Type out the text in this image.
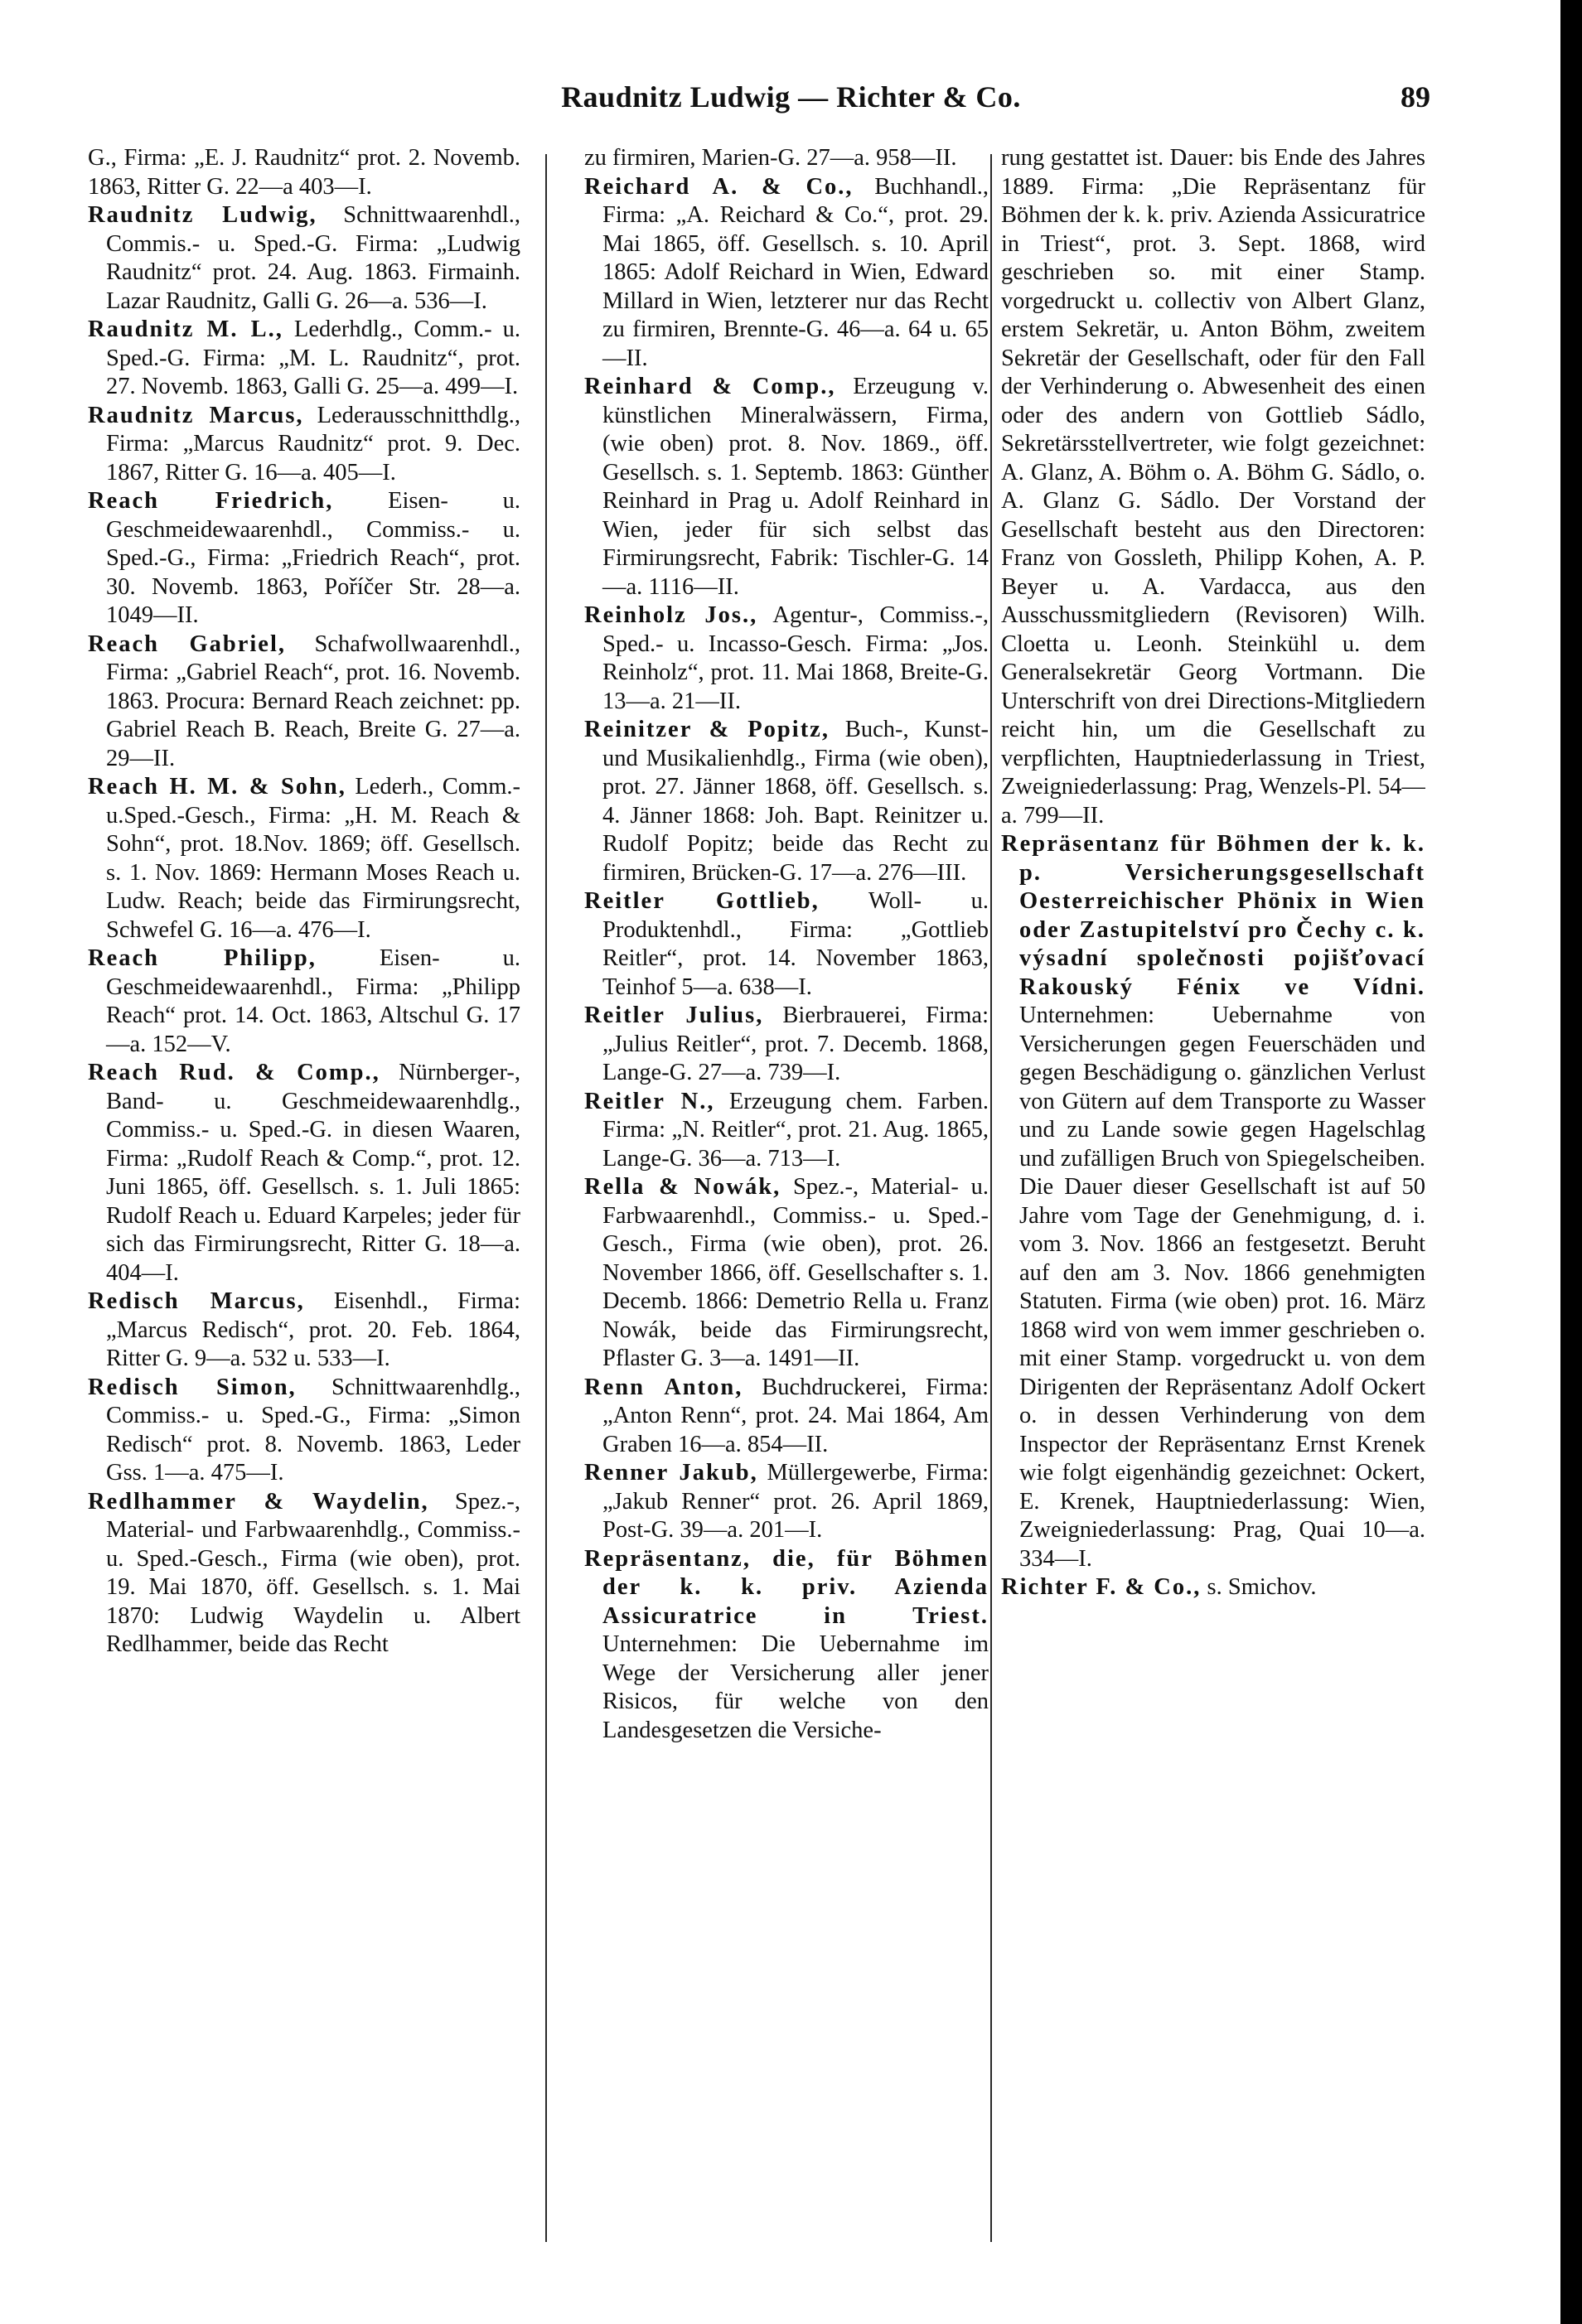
Raudnitz Ludwig — Richter & Co.	89

G., Firma: „E. J. Raudnitz“ prot. 2. Novemb. 1863, Ritter G. 22—a 403—I.

Raudnitz Ludwig, Schnittwaarenhdl., Commis.- u. Sped.-G. Firma: „Ludwig Raudnitz“ prot. 24. Aug. 1863. Firmainh. Lazar Raudnitz, Galli G. 26—a. 536—I.

Raudnitz M. L., Lederhdlg., Comm.- u. Sped.-G. Firma: „M. L. Raudnitz“, prot. 27. Novemb. 1863, Galli G. 25—a. 499—I.

Raudnitz Marcus, Lederausschnitthdlg., Firma: „Marcus Raudnitz“ prot. 9. Dec. 1867, Ritter G. 16—a. 405—I.

Reach Friedrich, Eisen- u. Geschmeidewaarenhdl., Commiss.- u. Sped.-G., Firma: „Friedrich Reach“, prot. 30. Novemb. 1863, Poříčer Str. 28—a. 1049—II.

Reach Gabriel, Schafwollwaarenhdl., Firma: „Gabriel Reach“, prot. 16. Novemb. 1863. Procura: Bernard Reach zeichnet: pp. Gabriel Reach B. Reach, Breite G. 27—a. 29—II.

Reach H. M. & Sohn, Lederh., Comm.-u.Sped.-Gesch., Firma: „H. M. Reach & Sohn“, prot. 18.Nov. 1869; öff. Gesellsch. s. 1. Nov. 1869: Hermann Moses Reach u. Ludw. Reach; beide das Firmirungsrecht, Schwefel G. 16—a. 476—I.

Reach Philipp, Eisen- u. Geschmeidewaarenhdl., Firma: „Philipp Reach“ prot. 14. Oct. 1863, Altschul G. 17—a. 152—V.

Reach Rud. & Comp., Nürnberger-, Band- u. Geschmeidewaarenhdlg., Commiss.- u. Sped.-G. in diesen Waaren, Firma: „Rudolf Reach & Comp.“, prot. 12. Juni 1865, öff. Gesellsch. s. 1. Juli 1865: Rudolf Reach u. Eduard Karpeles; jeder für sich das Firmirungsrecht, Ritter G. 18—a. 404—I.

Redisch Marcus, Eisenhdl., Firma: „Marcus Redisch“, prot. 20. Feb. 1864, Ritter G. 9—a. 532 u. 533—I.

Redisch Simon, Schnittwaarenhdlg., Commiss.- u. Sped.-G., Firma: „Simon Redisch“ prot. 8. Novemb. 1863, Leder Gss. 1—a. 475—I.

Redlhammer & Waydelin, Spez.-, Material- und Farbwaarenhdlg., Commiss.- u. Sped.-Gesch., Firma (wie oben), prot. 19. Mai 1870, öff. Gesellsch. s. 1. Mai 1870: Ludwig Waydelin u. Albert Redlhammer, beide das Recht

zu firmiren, Marien-G. 27—a. 958—II.

Reichard A. & Co., Buchhandl., Firma: „A. Reichard & Co.“, prot. 29. Mai 1865, öff. Gesellsch. s. 10. April 1865: Adolf Reichard in Wien, Edward Millard in Wien, letzterer nur das Recht zu firmiren, Brennte-G. 46—a. 64 u. 65—II.

Reinhard & Comp., Erzeugung v. künstlichen Mineralwässern, Firma, (wie oben) prot. 8. Nov. 1869., öff. Gesellsch. s. 1. Septemb. 1863: Günther Reinhard in Prag u. Adolf Reinhard in Wien, jeder für sich selbst das Firmirungsrecht, Fabrik: Tischler-G. 14—a. 1116—II.

Reinholz Jos., Agentur-, Commiss.-, Sped.- u. Incasso-Gesch. Firma: „Jos. Reinholz“, prot. 11. Mai 1868, Breite-G. 13—a. 21—II.

Reinitzer & Popitz, Buch-, Kunst- und Musikalienhdlg., Firma (wie oben), prot. 27. Jänner 1868, öff. Gesellsch. s. 4. Jänner 1868: Joh. Bapt. Reinitzer u. Rudolf Popitz; beide das Recht zu firmiren, Brücken-G. 17—a. 276—III.

Reitler Gottlieb, Woll- u. Produktenhdl., Firma: „Gottlieb Reitler“, prot. 14. November 1863, Teinhof 5—a. 638—I.

Reitler Julius, Bierbrauerei, Firma: „Julius Reitler“, prot. 7. Decemb. 1868, Lange-G. 27—a. 739—I.

Reitler N., Erzeugung chem. Farben. Firma: „N. Reitler“, prot. 21. Aug. 1865, Lange-G. 36—a. 713—I.

Rella & Nowák, Spez.-, Material- u. Farbwaarenhdl., Commiss.- u. Sped.-Gesch., Firma (wie oben), prot. 26. November 1866, öff. Gesellschafter s. 1. Decemb. 1866: Demetrio Rella u. Franz Nowák, beide das Firmirungsrecht, Pflaster G. 3—a. 1491—II.

Renn Anton, Buchdruckerei, Firma: „Anton Renn“, prot. 24. Mai 1864, Am Graben 16—a. 854—II.

Renner Jakub, Müllergewerbe, Firma: „Jakub Renner“ prot. 26. April 1869, Post-G. 39—a. 201—I.

Repräsentanz, die, für Böhmen der k. k. priv. Azienda Assicuratrice in Triest. Unternehmen: Die Uebernahme im Wege der Versicherung aller jener Risicos, für welche von den Landesgesetzen die Versiche-

rung gestattet ist. Dauer: bis Ende des Jahres 1889. Firma: „Die Repräsentanz für Böhmen der k. k. priv. Azienda Assicuratrice in Triest“, prot. 3. Sept. 1868, wird geschrieben so. mit einer Stamp. vorgedruckt u. collectiv von Albert Glanz, erstem Sekretär, u. Anton Böhm, zweitem Sekretär der Gesellschaft, oder für den Fall der Verhinderung o. Abwesenheit des einen oder des andern von Gottlieb Sádlo, Sekretärsstellvertreter, wie folgt gezeichnet: A. Glanz, A. Böhm o. A. Böhm G. Sádlo, o. A. Glanz G. Sádlo. Der Vorstand der Gesellschaft besteht aus den Directoren: Franz von Gossleth, Philipp Kohen, A. P. Beyer u. A. Vardacca, aus den Ausschussmitgliedern (Revisoren) Wilh. Cloetta u. Leonh. Steinkühl u. dem Generalsekretär Georg Vortmann. Die Unterschrift von drei Directions-Mitgliedern reicht hin, um die Gesellschaft zu verpflichten, Hauptniederlassung in Triest, Zweigniederlassung: Prag, Wenzels-Pl. 54—a. 799—II.

Repräsentanz für Böhmen der k. k. p. Versicherungsgesellschaft Oesterreichischer Phönix in Wien oder Zastupitelství pro Čechy c. k. výsadní společnosti pojišťovací Rakouský Fénix ve Vídni. Unternehmen: Uebernahme von Versicherungen gegen Feuerschäden und gegen Beschädigung o. gänzlichen Verlust von Gütern auf dem Transporte zu Wasser und zu Lande sowie gegen Hagelschlag und zufälligen Bruch von Spiegelscheiben. Die Dauer dieser Gesellschaft ist auf 50 Jahre vom Tage der Genehmigung, d. i. vom 3. Nov. 1866 an festgesetzt. Beruht auf den am 3. Nov. 1866 genehmigten Statuten. Firma (wie oben) prot. 16. März 1868 wird von wem immer geschrieben o. mit einer Stamp. vorgedruckt u. von dem Dirigenten der Repräsentanz Adolf Ockert o. in dessen Verhinderung von dem Inspector der Repräsentanz Ernst Krenek wie folgt eigenhändig gezeichnet: Ockert, E. Krenek, Hauptniederlassung: Wien, Zweigniederlassung: Prag, Quai 10—a. 334—I.

Richter F. & Co., s. Smichov.
